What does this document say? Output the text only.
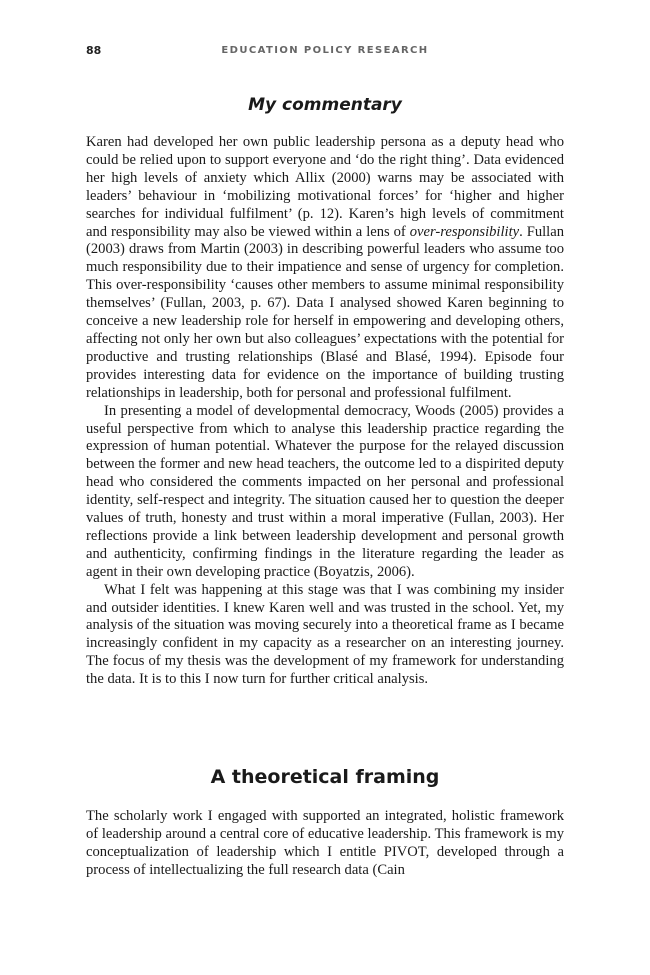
88	EDUCATION POLICY RESEARCH
My commentary

Karen had developed her own public leadership persona as a deputy head who could be relied upon to support everyone and ‘do the right thing’. Data evidenced her high levels of anxiety which Allix (2000) warns may be associated with leaders’ behaviour in ‘mobilizing motivational forces’ for ‘higher and higher searches for individual fulfilment’ (p. 12). Karen’s high levels of commitment and responsibility may also be viewed within a lens of over-responsibility. Fullan (2003) draws from Martin (2003) in describing powerful leaders who assume too much responsibility due to their impatience and sense of urgency for completion. This over-responsibility ‘causes other members to assume minimal responsibility themselves’ (Fullan, 2003, p. 67). Data I analysed showed Karen beginning to conceive a new leadership role for herself in empowering and developing others, affecting not only her own but also colleagues’ expectations with the potential for productive and trusting relationships (Blasé and Blasé, 1994). Episode four provides interesting data for evidence on the importance of building trusting relationships in leadership, both for personal and professional fulfilment.

In presenting a model of developmental democracy, Woods (2005) provides a useful perspective from which to analyse this leadership practice regarding the expression of human potential. Whatever the purpose for the relayed discussion between the former and new head teachers, the outcome led to a dispirited deputy head who considered the comments impacted on her personal and professional identity, self-respect and integrity. The situation caused her to question the deeper values of truth, honesty and trust within a moral imperative (Fullan, 2003). Her reflections provide a link between leadership development and personal growth and authenticity, confirming findings in the literature regarding the leader as agent in their own developing practice (Boyatzis, 2006).

What I felt was happening at this stage was that I was combining my insider and outsider identities. I knew Karen well and was trusted in the school. Yet, my analysis of the situation was moving securely into a theoretical frame as I became increasingly confident in my capacity as a researcher on an interesting journey. The focus of my thesis was the development of my framework for understanding the data. It is to this I now turn for further critical analysis.

A theoretical framing

The scholarly work I engaged with supported an integrated, holistic framework of leadership around a central core of educative leadership. This framework is my conceptualization of leadership which I entitle PIVOT, developed through a process of intellectualizing the full research data (Cain
